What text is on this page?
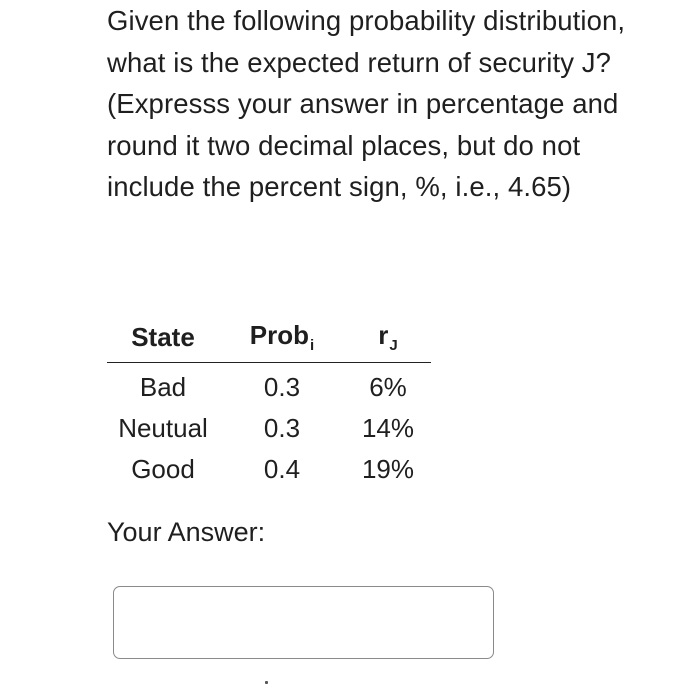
Given the following probability distribution, what is the expected return of security J? (Expresss your answer in percentage and round it two decimal places, but do not include the percent sign, %, i.e., 4.65)

State	Prob$_i$	$r_J$
Bad	0.3	6%
Neutual	0.3	14%
Good	0.4	19%

Your Answer:
